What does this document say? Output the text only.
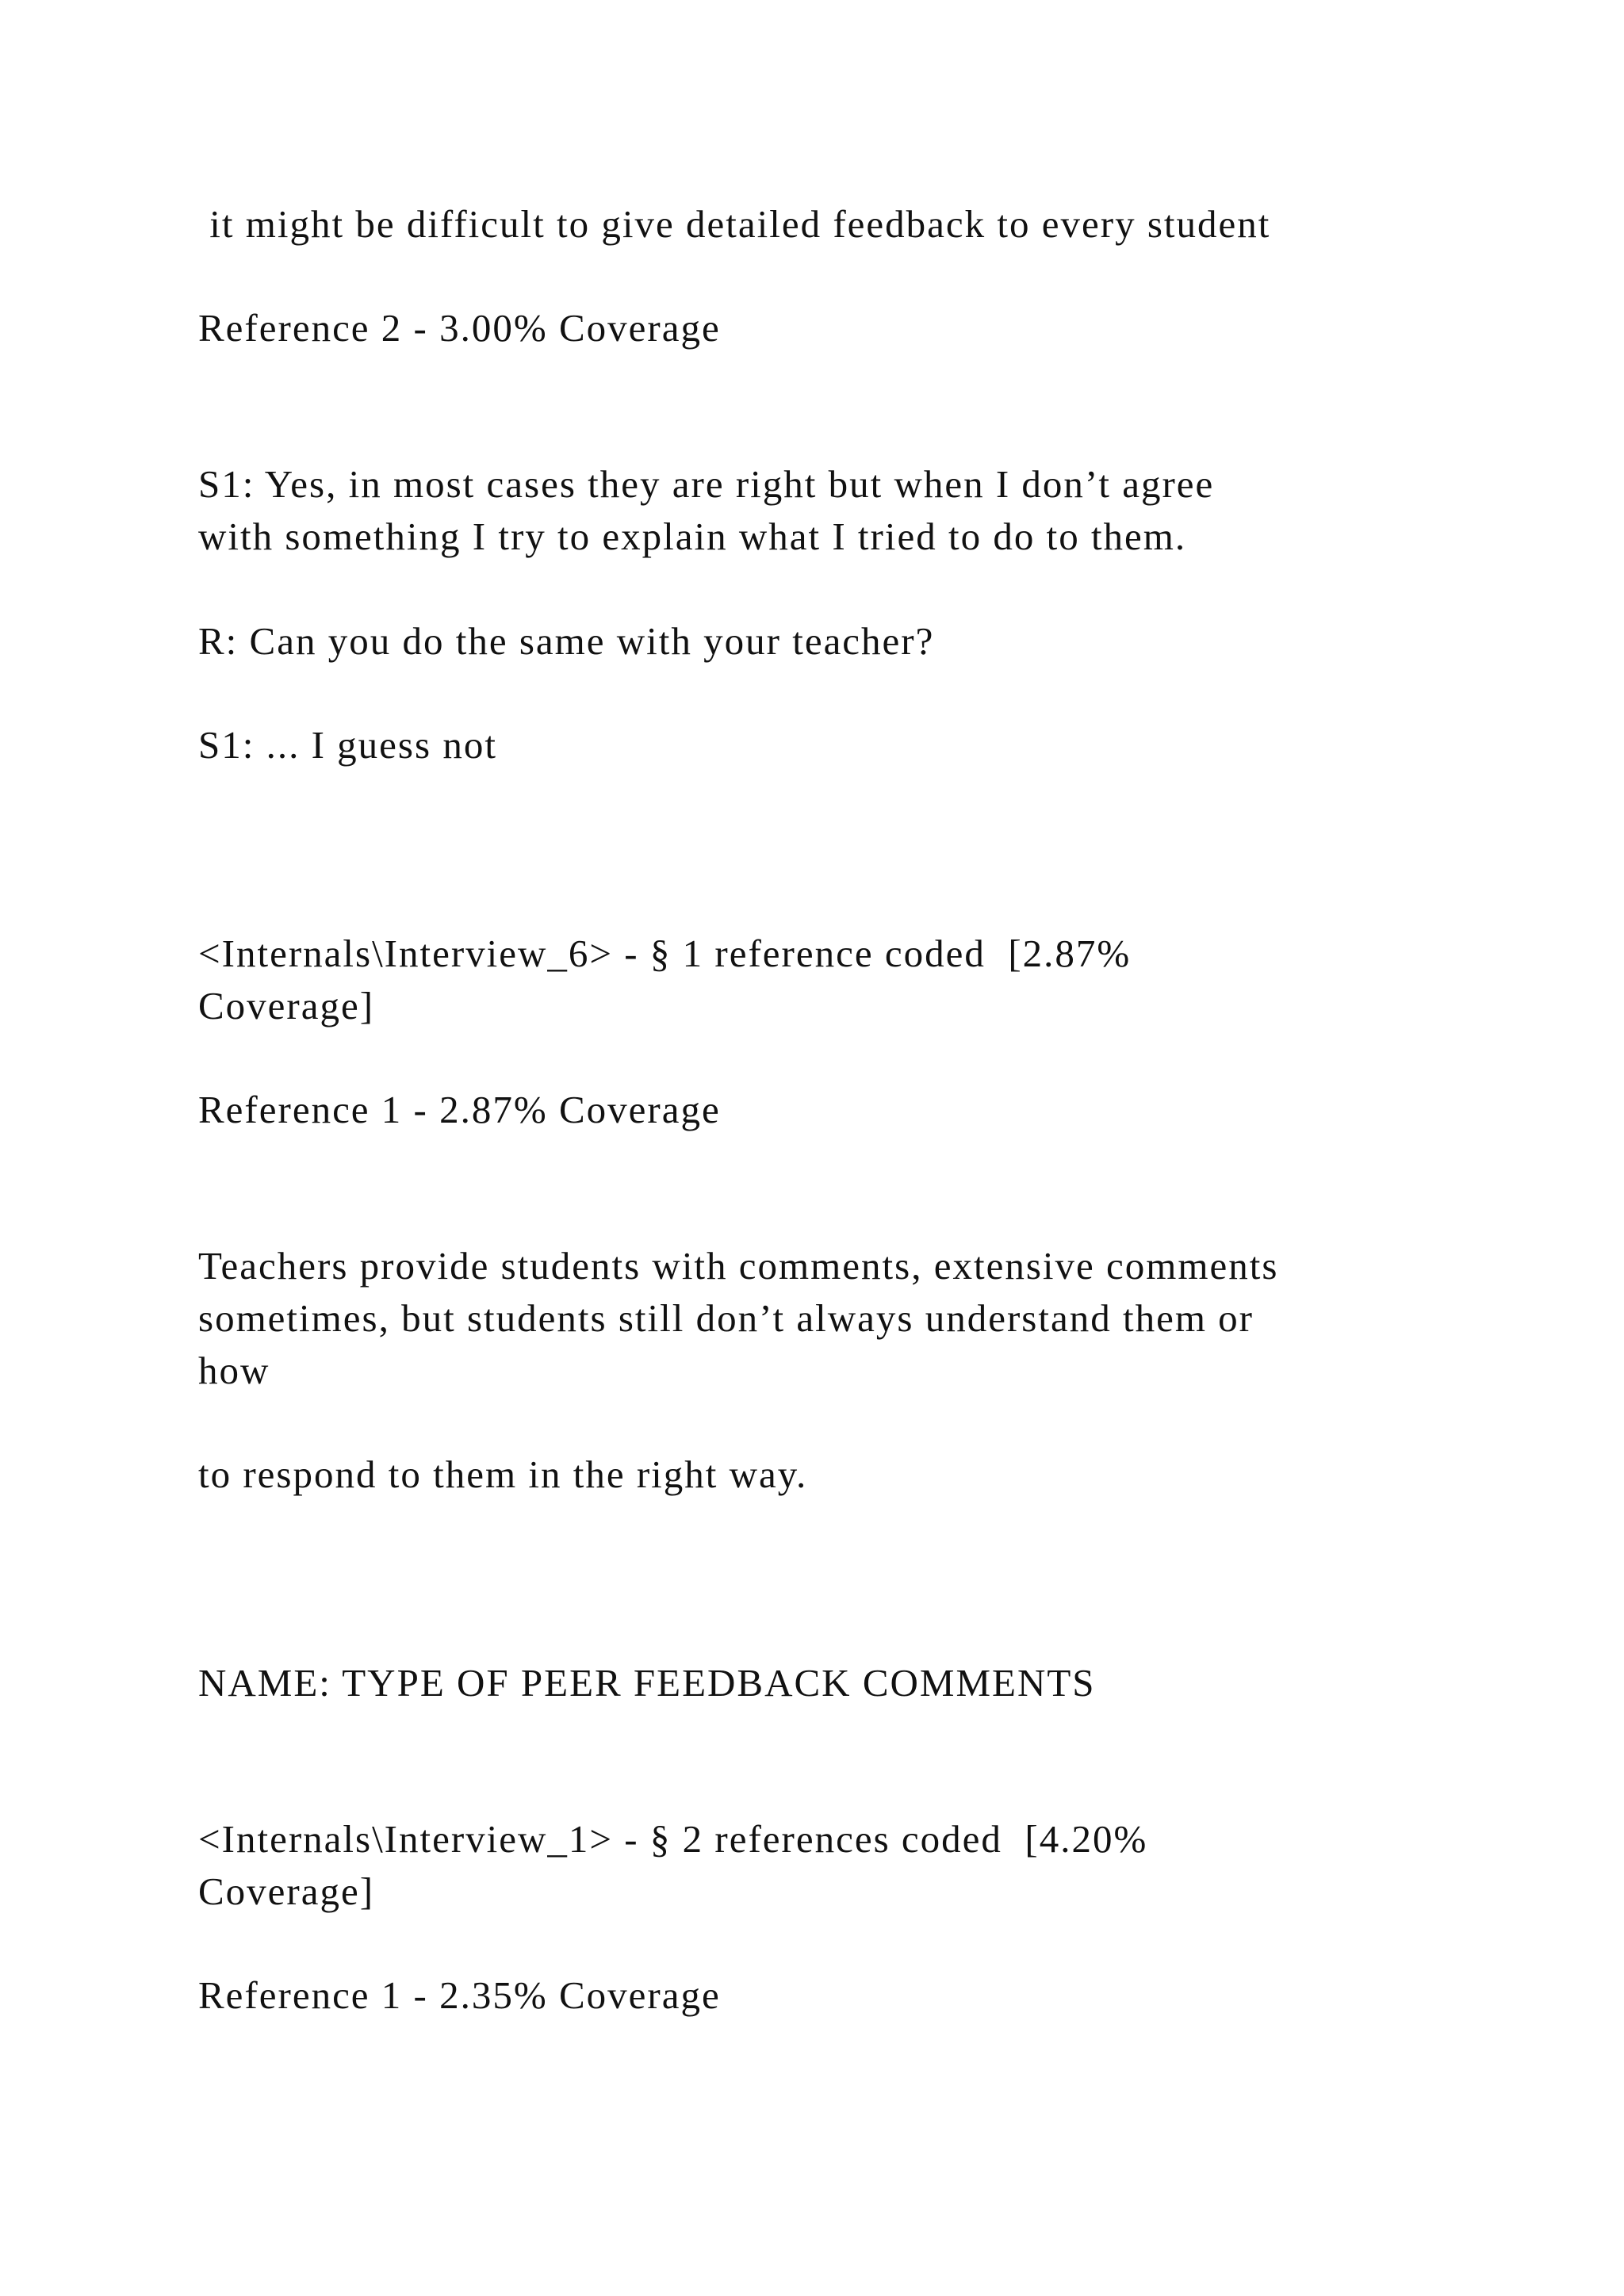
it might be difficult to give detailed feedback to every student

Reference 2 - 3.00% Coverage

S1: Yes, in most cases they are right but when I don’t agree

with something I try to explain what I tried to do to them.

R: Can you do the same with your teacher?

S1: ... I guess not

<Internals\Interview_6> - § 1 reference coded  [2.87%

Coverage]

Reference 1 - 2.87% Coverage

Teachers provide students with comments, extensive comments

sometimes, but students still don’t always understand them or

how

to respond to them in the right way.

NAME: TYPE OF PEER FEEDBACK COMMENTS

<Internals\Interview_1> - § 2 references coded  [4.20%

Coverage]

Reference 1 - 2.35% Coverage
